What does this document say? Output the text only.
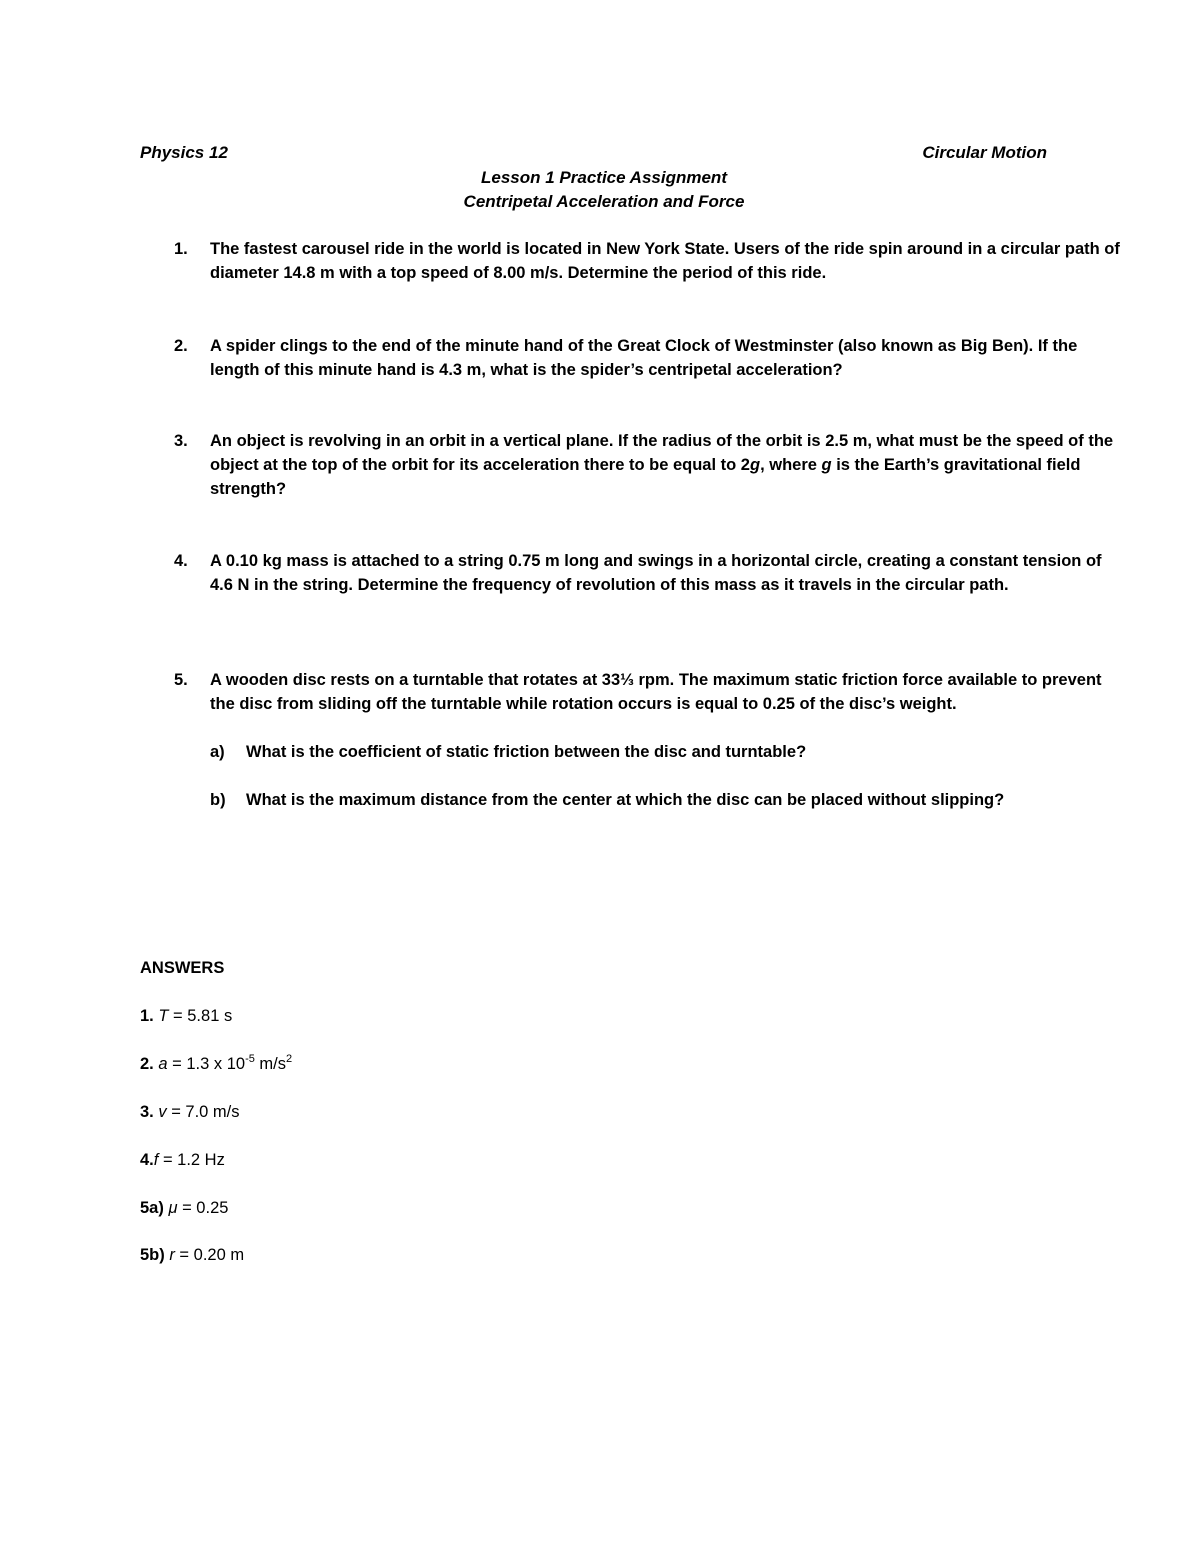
Physics 12	Circular Motion
Lesson 1 Practice Assignment
Centripetal Acceleration and Force
1.	The fastest carousel ride in the world is located in New York State. Users of the ride spin around in a circular path of diameter 14.8 m with a top speed of 8.00 m/s. Determine the period of this ride.
2.	A spider clings to the end of the minute hand of the Great Clock of Westminster (also known as Big Ben). If the length of this minute hand is 4.3 m, what is the spider’s centripetal acceleration?
3.	An object is revolving in an orbit in a vertical plane. If the radius of the orbit is 2.5 m, what must be the speed of the object at the top of the orbit for its acceleration there to be equal to 2g, where g is the Earth’s gravitational field strength?
4.	A 0.10 kg mass is attached to a string 0.75 m long and swings in a horizontal circle, creating a constant tension of 4.6 N in the string. Determine the frequency of revolution of this mass as it travels in the circular path.
5.	A wooden disc rests on a turntable that rotates at 33⅓ rpm. The maximum static friction force available to prevent the disc from sliding off the turntable while rotation occurs is equal to 0.25 of the disc’s weight.
a)	What is the coefficient of static friction between the disc and turntable?
b)	What is the maximum distance from the center at which the disc can be placed without slipping?
ANSWERS
1. T = 5.81 s
2. a = 1.3 x $10^{-5}$ $m/s^2$
3. v = 7.0 m/s
4.f = 1.2 Hz
5a) μ = 0.25
5b) r = 0.20 m
